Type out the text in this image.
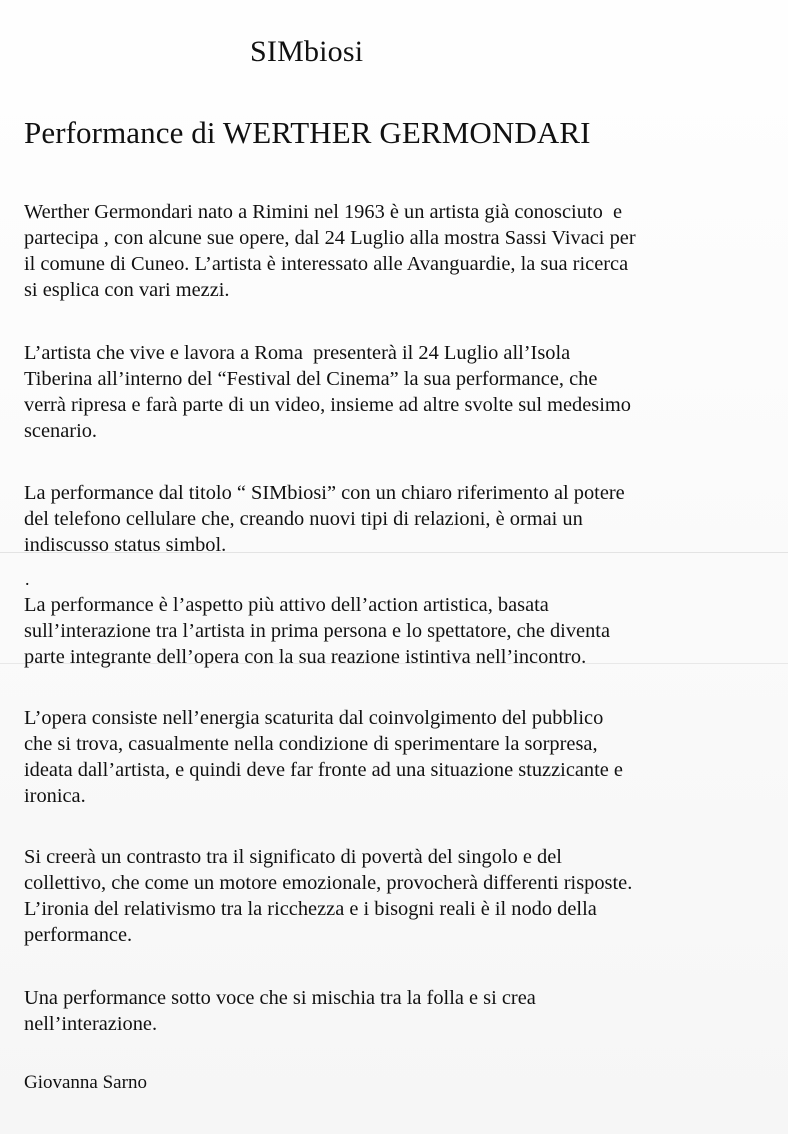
SIMbiosi
Performance di WERTHER GERMONDARI
Werther Germondari nato a Rimini nel 1963 è un artista già conosciuto  e
partecipa , con alcune sue opere, dal 24 Luglio alla mostra Sassi Vivaci per
il comune di Cuneo. L’artista è interessato alle Avanguardie, la sua ricerca
si esplica con vari mezzi.
L’artista che vive e lavora a Roma  presenterà il 24 Luglio all’Isola
Tiberina all’interno del “Festival del Cinema” la sua performance, che
verrà ripresa e farà parte di un video, insieme ad altre svolte sul medesimo
scenario.
La performance dal titolo “ SIMbiosi” con un chiaro riferimento al potere
del telefono cellulare che, creando nuovi tipi di relazioni, è ormai un
indiscusso status simbol.
.
La performance è l’aspetto più attivo dell’action artistica, basata
sull’interazione tra l’artista in prima persona e lo spettatore, che diventa
parte integrante dell’opera con la sua reazione istintiva nell’incontro.
L’opera consiste nell’energia scaturita dal coinvolgimento del pubblico
che si trova, casualmente nella condizione di sperimentare la sorpresa,
ideata dall’artista, e quindi deve far fronte ad una situazione stuzzicante e
ironica.
Si creerà un contrasto tra il significato di povertà del singolo e del
collettivo, che come un motore emozionale, provocherà differenti risposte.
L’ironia del relativismo tra la ricchezza e i bisogni reali è il nodo della
performance.
Una performance sotto voce che si mischia tra la folla e si crea
nell’interazione.
Giovanna Sarno
